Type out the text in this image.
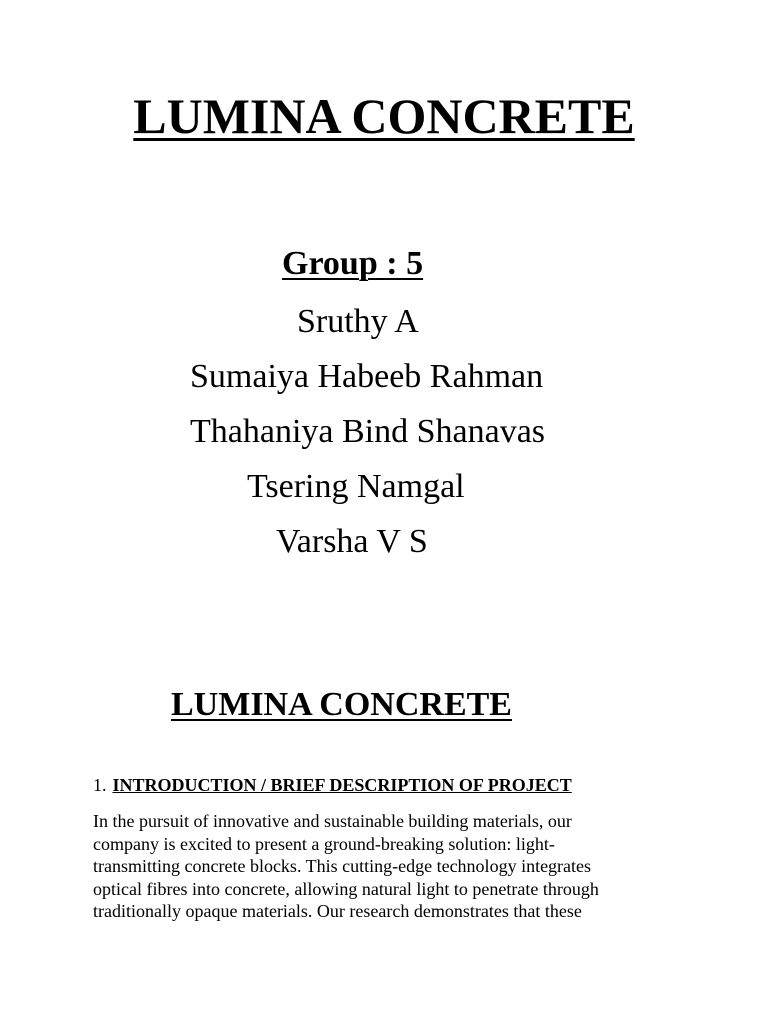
LUMINA CONCRETE
Group : 5
Sruthy A
Sumaiya Habeeb Rahman
Thahaniya Bind Shanavas
Tsering Namgal
Varsha V S
LUMINA CONCRETE
1. INTRODUCTION / BRIEF DESCRIPTION OF PROJECT
In the pursuit of innovative and sustainable building materials, our
company is excited to present a ground-breaking solution: light-
transmitting concrete blocks. This cutting-edge technology integrates
optical fibres into concrete, allowing natural light to penetrate through
traditionally opaque materials. Our research demonstrates that these
